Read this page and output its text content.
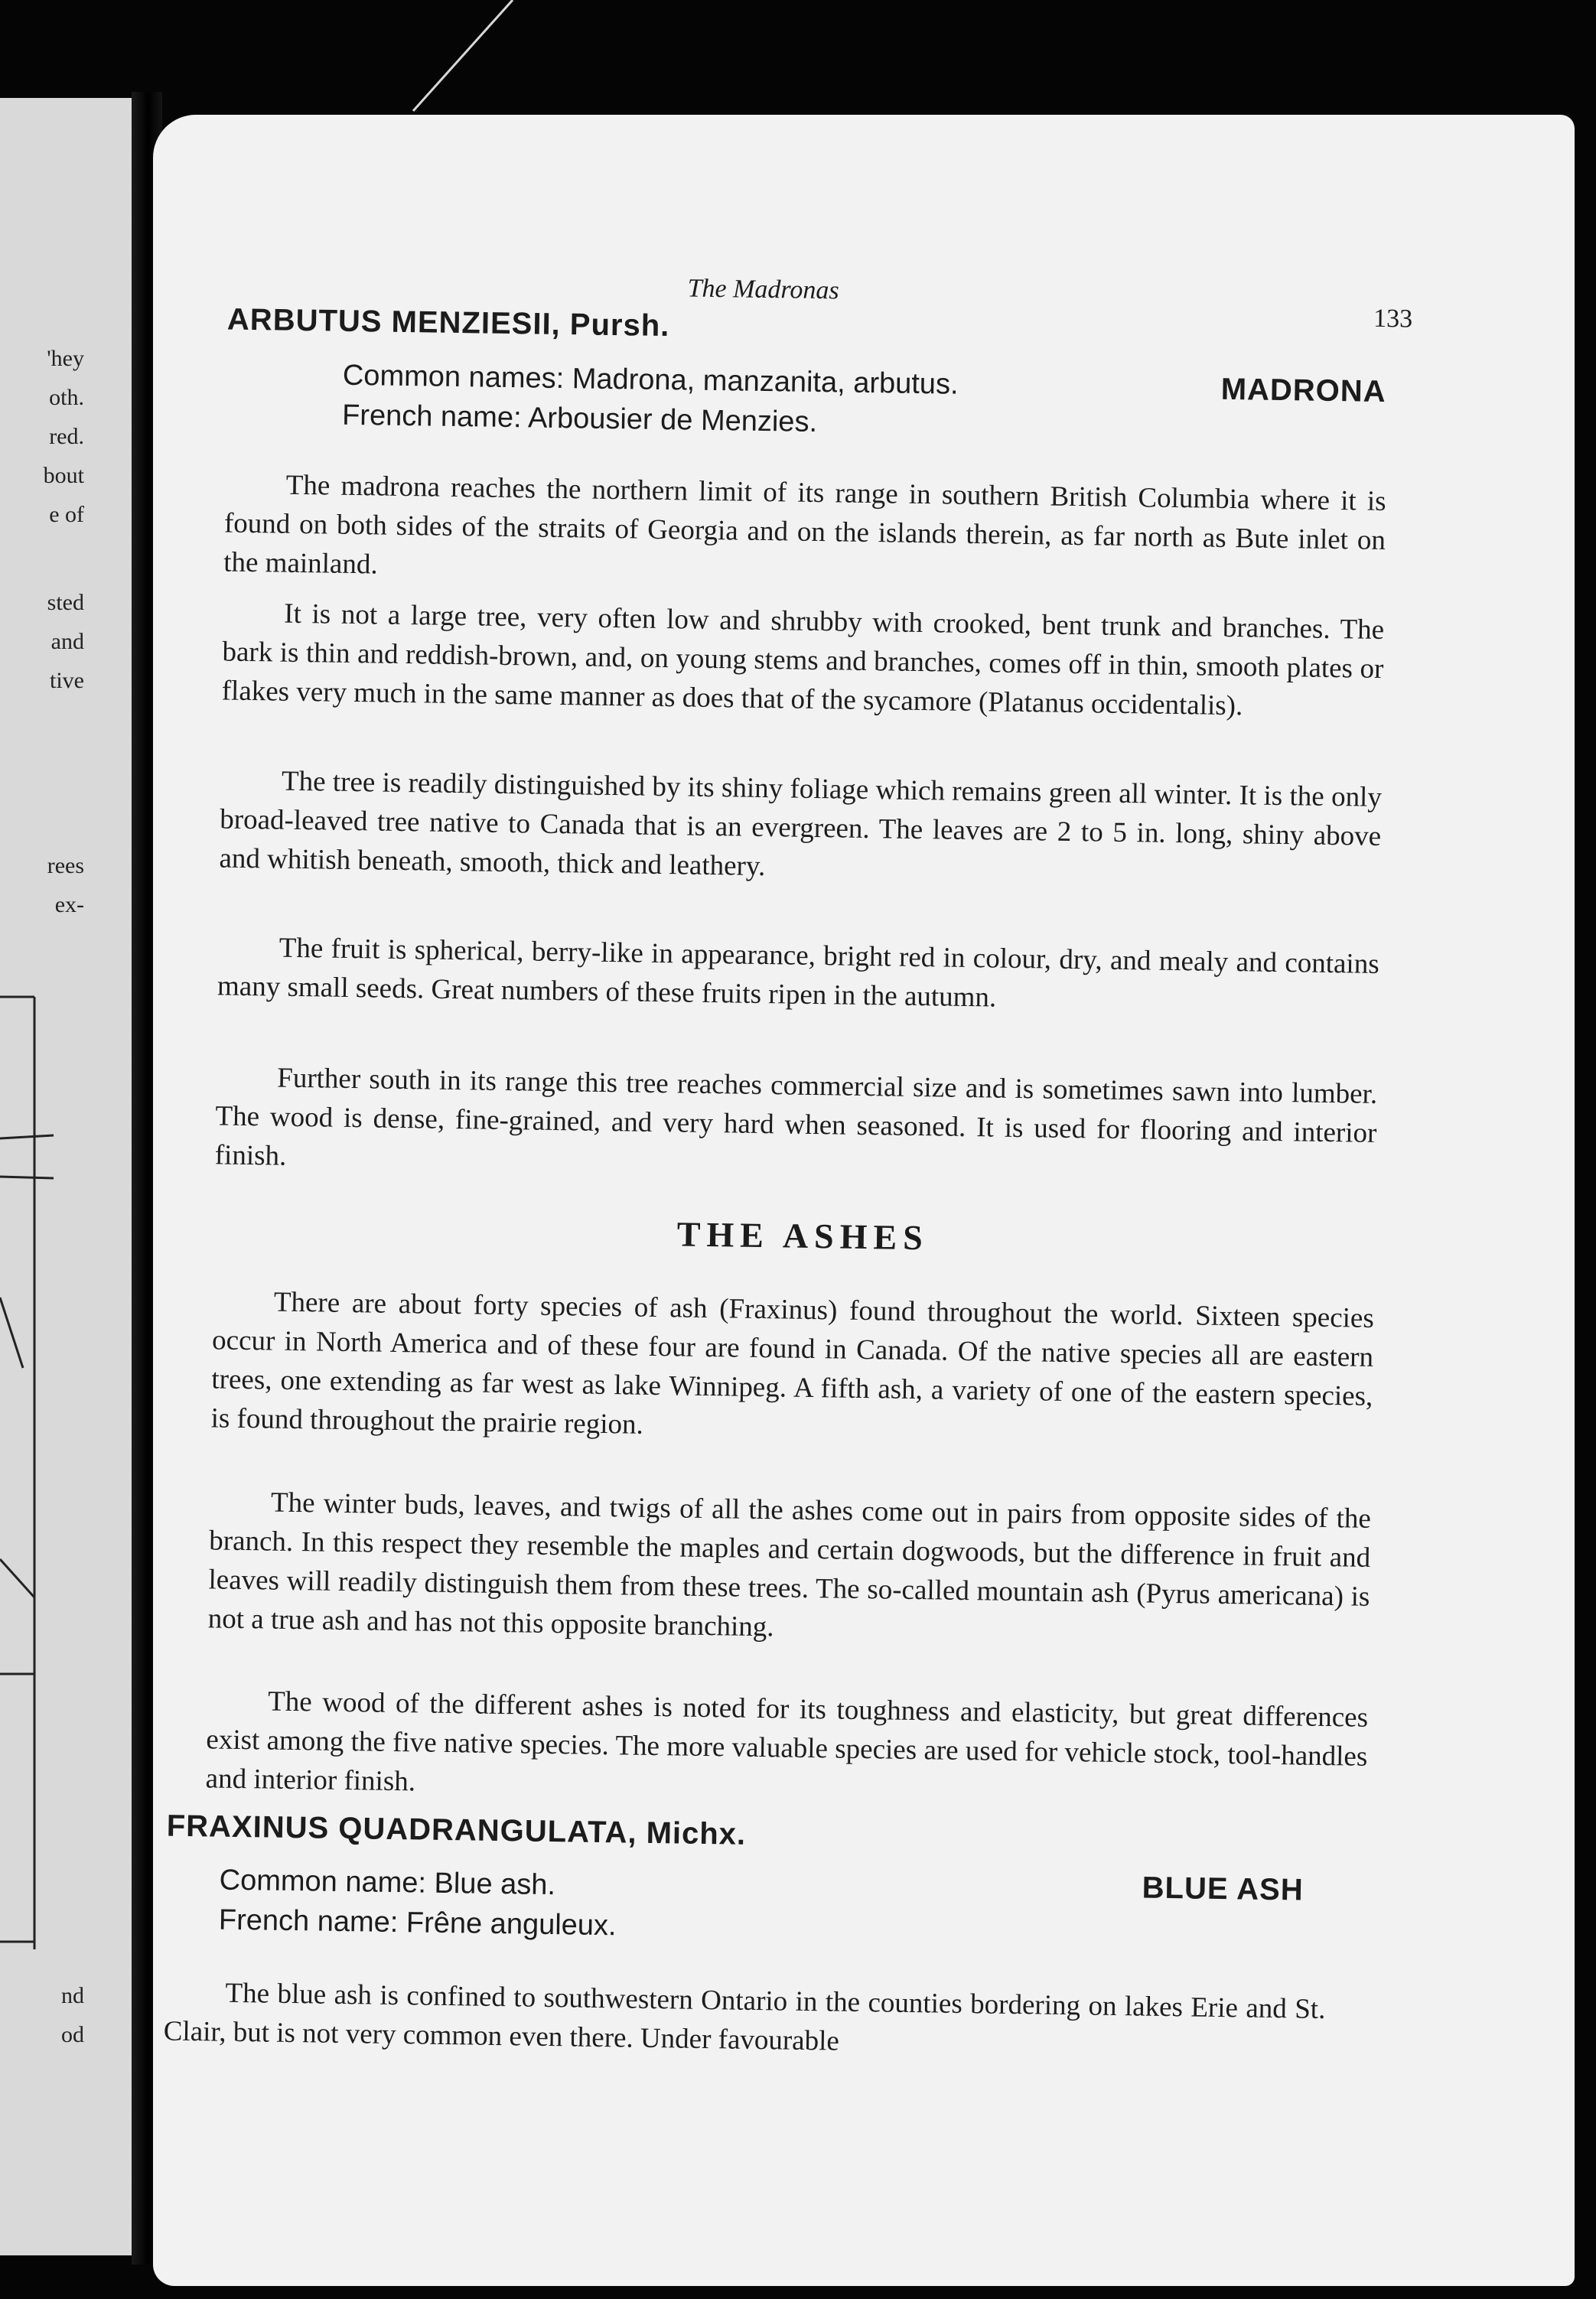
'hey
oth.
red.
bout
e of
sted
and
tive
rees
ex-
nd
od
The Madronas
133
ARBUTUS MENZIESII, Pursh.
MADRONA
Common names: Madrona, manzanita, arbutus.
French name: Arbousier de Menzies.
The madrona reaches the northern limit of its range in southern British Columbia where it is found on both sides of the straits of Georgia and on the islands therein, as far north as Bute inlet on the mainland.
It is not a large tree, very often low and shrubby with crooked, bent trunk and branches. The bark is thin and reddish-brown, and, on young stems and branches, comes off in thin, smooth plates or flakes very much in the same manner as does that of the sycamore (Platanus occidentalis).
The tree is readily distinguished by its shiny foliage which remains green all winter. It is the only broad-leaved tree native to Canada that is an evergreen. The leaves are 2 to 5 in. long, shiny above and whitish beneath, smooth, thick and leathery.
The fruit is spherical, berry-like in appearance, bright red in colour, dry, and mealy and contains many small seeds. Great numbers of these fruits ripen in the autumn.
Further south in its range this tree reaches commercial size and is sometimes sawn into lumber. The wood is dense, fine-grained, and very hard when seasoned. It is used for flooring and interior finish.
THE ASHES
There are about forty species of ash (Fraxinus) found throughout the world. Sixteen species occur in North America and of these four are found in Canada. Of the native species all are eastern trees, one extending as far west as lake Winnipeg. A fifth ash, a variety of one of the eastern species, is found throughout the prairie region.
The winter buds, leaves, and twigs of all the ashes come out in pairs from opposite sides of the branch. In this respect they resemble the maples and certain dogwoods, but the difference in fruit and leaves will readily distinguish them from these trees. The so-called mountain ash (Pyrus americana) is not a true ash and has not this opposite branching.
The wood of the different ashes is noted for its toughness and elasticity, but great differences exist among the five native species. The more valuable species are used for vehicle stock, tool-handles and interior finish.
FRAXINUS QUADRANGULATA, Michx.
BLUE ASH
Common name: Blue ash.
French name: Frêne anguleux.
The blue ash is confined to southwestern Ontario in the counties bordering on lakes Erie and St. Clair, but is not very common even there. Under favourable
